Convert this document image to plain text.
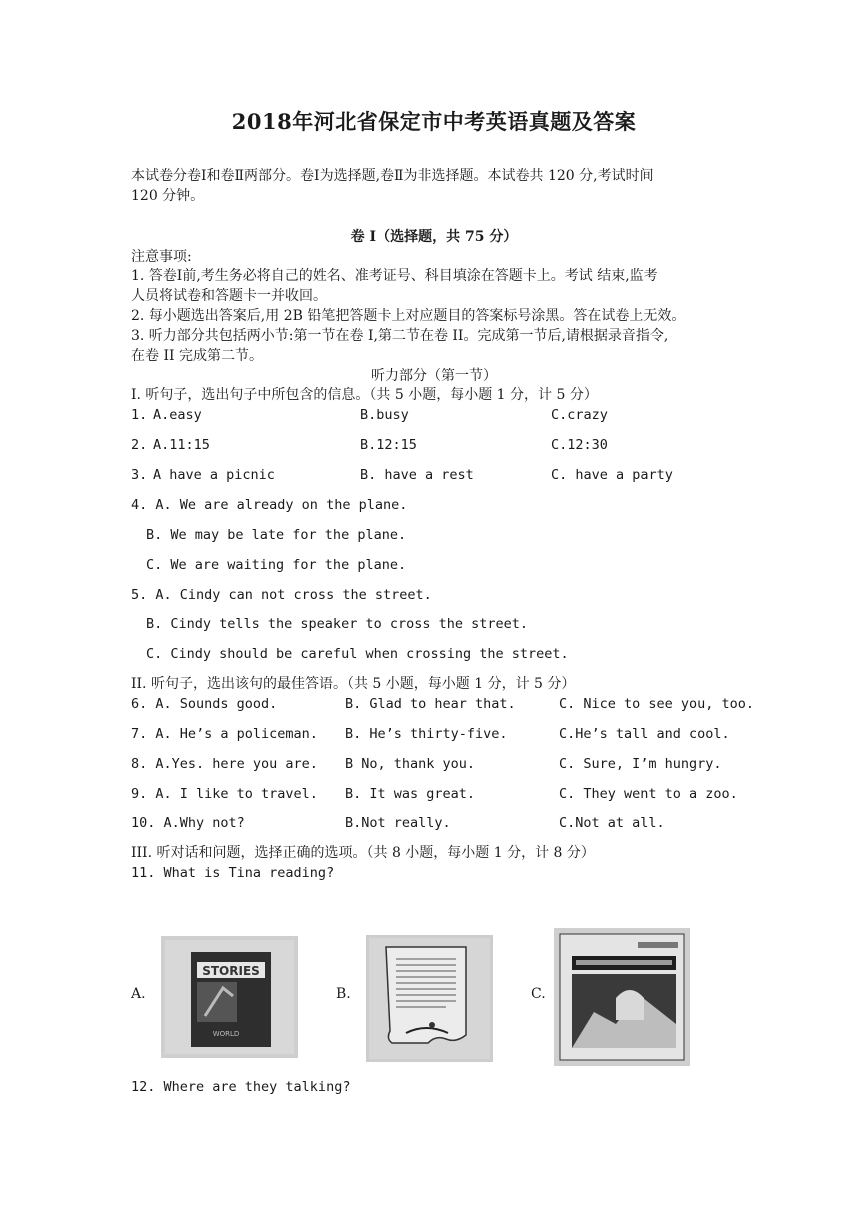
2018年河北省保定市中考英语真题及答案
本试卷分卷Ⅰ和卷Ⅱ两部分。卷Ⅰ为选择题,卷Ⅱ为非选择题。本试卷共 120 分,考试时间
120 分钟。
卷 I（选择题，共 75 分）
注意事项:
1. 答卷Ⅰ前,考生务必将自己的姓名、准考证号、科目填涂在答题卡上。考试 结束,监考
人员将试卷和答题卡一并收回。
2. 每小题选出答案后,用 2B 铅笔把答题卡上对应题目的答案标号涂黑。答在试卷上无效。
3. 听力部分共包括两小节:第一节在卷 I,第二节在卷 II。完成第一节后,请根据录音指令,
在卷 II 完成第二节。
听力部分（第一节）
I. 听句子，选出句子中所包含的信息。（共 5 小题，每小题 1 分，计 5 分）
1. A.easy	B.busy	C.crazy
2. A.11:15	B.12:15	C.12:30
3. A have a picnic	B. have a rest	C. have a party
4. A. We are already on the plane.
B. We may be late for the plane.
C. We are waiting for the plane.
5. A. Cindy can not cross the street.
B. Cindy tells the speaker to cross the street.
C. Cindy should be careful when crossing the street.
II. 听句子，选出该句的最佳答语。（共 5 小题，每小题 1 分，计 5 分）
6. A. Sounds good.	B. Glad to hear that.	C. Nice to see you, too.
7. A. He’s a policeman. B. He’s thirty-five.	C.He’s tall and cool.
8. A.Yes. here you are. B No, thank you.	C. Sure, I’m hungry.
9. A. I like to travel. B. It was great.	C. They went to a zoo.
10. A.Why not?	B.Not really.	C.Not at all.
III. 听对话和问题，选择正确的选项。（共 8 小题，每小题 1 分，计 8 分）
11. What is Tina reading?
A.
STORIES
WORLD
B.	C.
12. Where are they talking?
